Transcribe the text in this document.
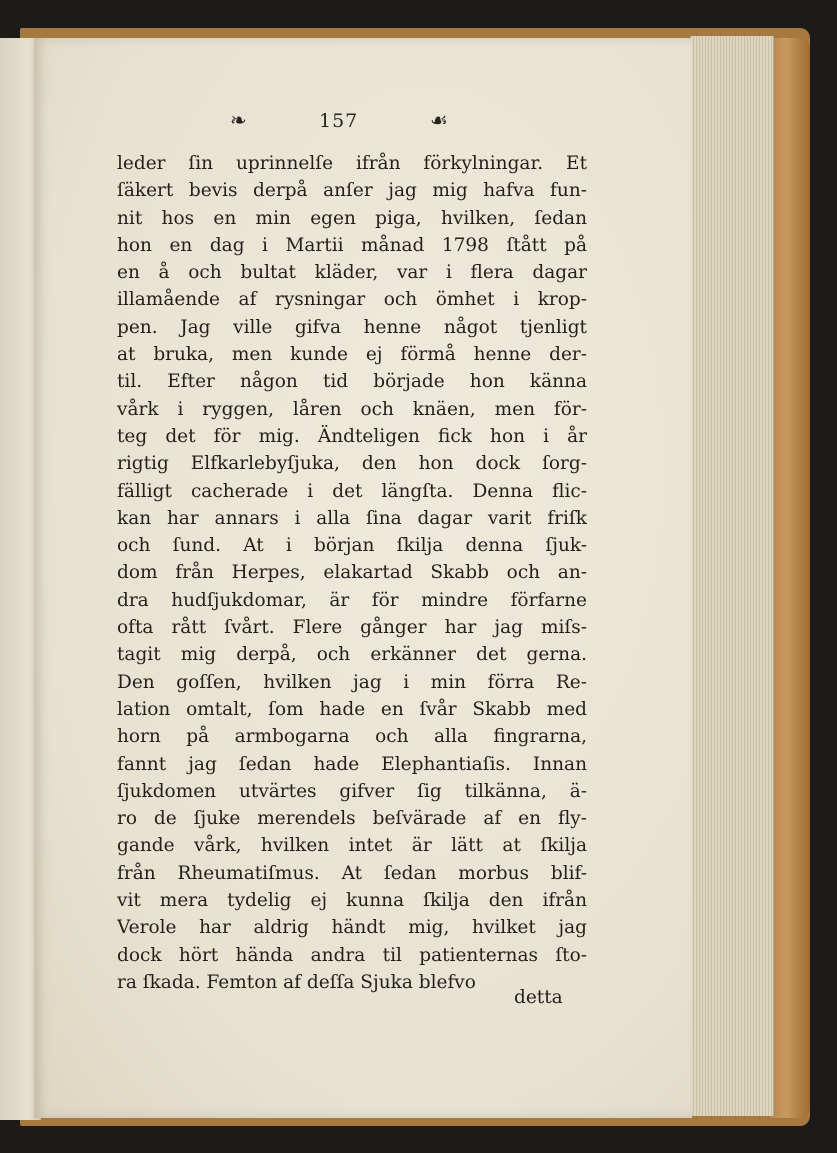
❧	157	☙
leder ſin uprinnelſe ifrån förkylningar. Et
ſäkert bevis derpå anſer jag mig hafva fun-
nit hos en min egen piga, hvilken, ſedan
hon en dag i Martii månad 1798 ſtått på
en å och bultat kläder, var i flera dagar
illamående af rysningar och ömhet i krop-
pen. Jag ville gifva henne något tjenligt
at bruka, men kunde ej förmå henne der-
til. Efter någon tid började hon känna
vårk i ryggen, låren och knäen, men för-
teg det för mig. Ändteligen fick hon i år
rigtig Elfkarlebyſjuka, den hon dock ſorg-
fälligt cacherade i det längſta. Denna flic-
kan har annars i alla ſina dagar varit friſk
och ſund. At i början ſkilja denna ſjuk-
dom från Herpes, elakartad Skabb och an-
dra hudſjukdomar, är för mindre förfarne
ofta rått ſvårt. Flere gånger har jag miſs-
tagit mig derpå, och erkänner det gerna.
Den goſſen, hvilken jag i min förra Re-
lation omtalt, ſom hade en ſvår Skabb med
horn på armbogarna och alla fingrarna,
fannt jag ſedan hade Elephantiaſis. Innan
ſjukdomen utvärtes gifver ſig tilkänna, ä-
ro de ſjuke merendels beſvärade af en fly-
gande vårk, hvilken intet är lätt at ſkilja
från Rheumatiſmus. At ſedan morbus blif-
vit mera tydelig ej kunna ſkilja den ifrån
Verole har aldrig händt mig, hvilket jag
dock hört hända andra til patienternas ſto-
ra ſkada. Femton af deſſa Sjuka blefvo
detta
